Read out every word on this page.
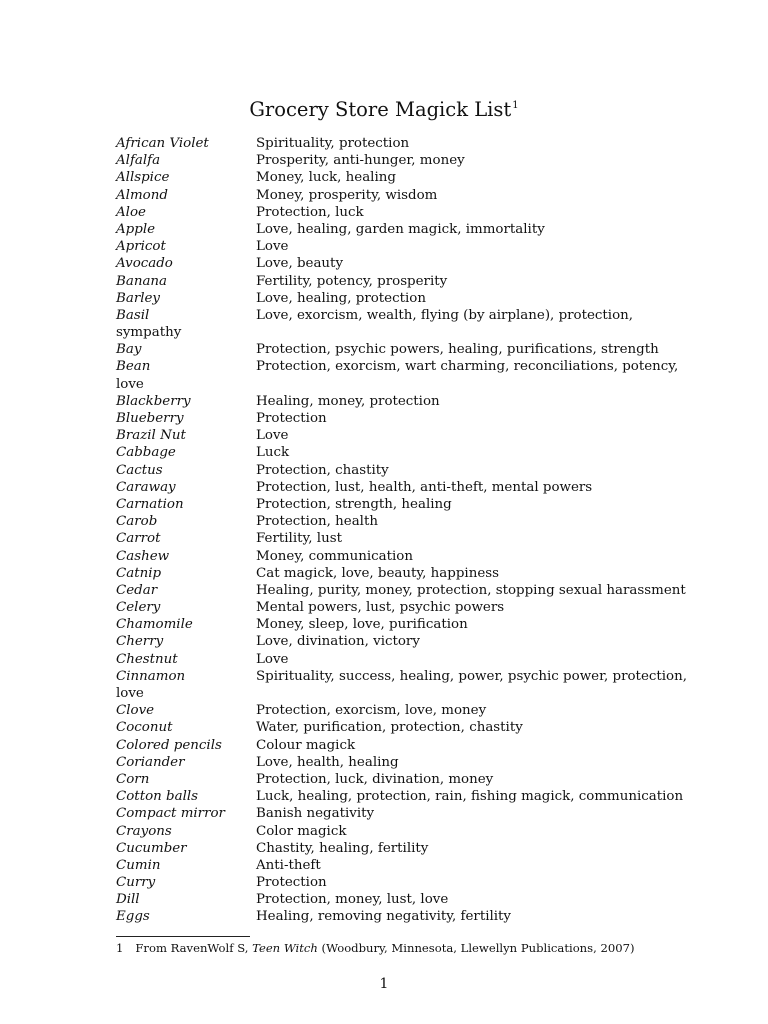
Grocery Store Magick List$^1$
African Violet	Spirituality, protection
Alfalfa	Prosperity, anti-hunger, money
Allspice	Money, luck, healing
Almond	Money, prosperity, wisdom
Aloe	Protection, luck
Apple	Love, healing, garden magick, immortality
Apricot	Love
Avocado	Love, beauty
Banana	Fertility, potency, prosperity
Barley	Love, healing, protection
Basil	Love, exorcism, wealth, flying (by airplane), protection,
sympathy
Bay	Protection, psychic powers, healing, purifications, strength
Bean	Protection, exorcism, wart charming, reconciliations, potency,
love
Blackberry	Healing, money, protection
Blueberry	Protection
Brazil Nut	Love
Cabbage	Luck
Cactus	Protection, chastity
Caraway	Protection, lust, health, anti-theft, mental powers
Carnation	Protection, strength, healing
Carob	Protection, health
Carrot	Fertility, lust
Cashew	Money, communication
Catnip	Cat magick, love, beauty, happiness
Cedar	Healing, purity, money, protection, stopping sexual harassment
Celery	Mental powers, lust, psychic powers
Chamomile	Money, sleep, love, purification
Cherry	Love, divination, victory
Chestnut	Love
Cinnamon	Spirituality, success, healing, power, psychic power, protection,
love
Clove	Protection, exorcism, love, money
Coconut	Water, purification, protection, chastity
Colored pencils	Colour magick
Coriander	Love, health, healing
Corn	Protection, luck, divination, money
Cotton balls	Luck, healing, protection, rain, fishing magick, communication
Compact mirror	Banish negativity
Crayons	Color magick
Cucumber	Chastity, healing, fertility
Cumin	Anti-theft
Curry	Protection
Dill	Protection, money, lust, love
Eggs	Healing, removing negativity, fertility
1 From RavenWolf S, Teen Witch (Woodbury, Minnesota, Llewellyn Publications, 2007)
1
